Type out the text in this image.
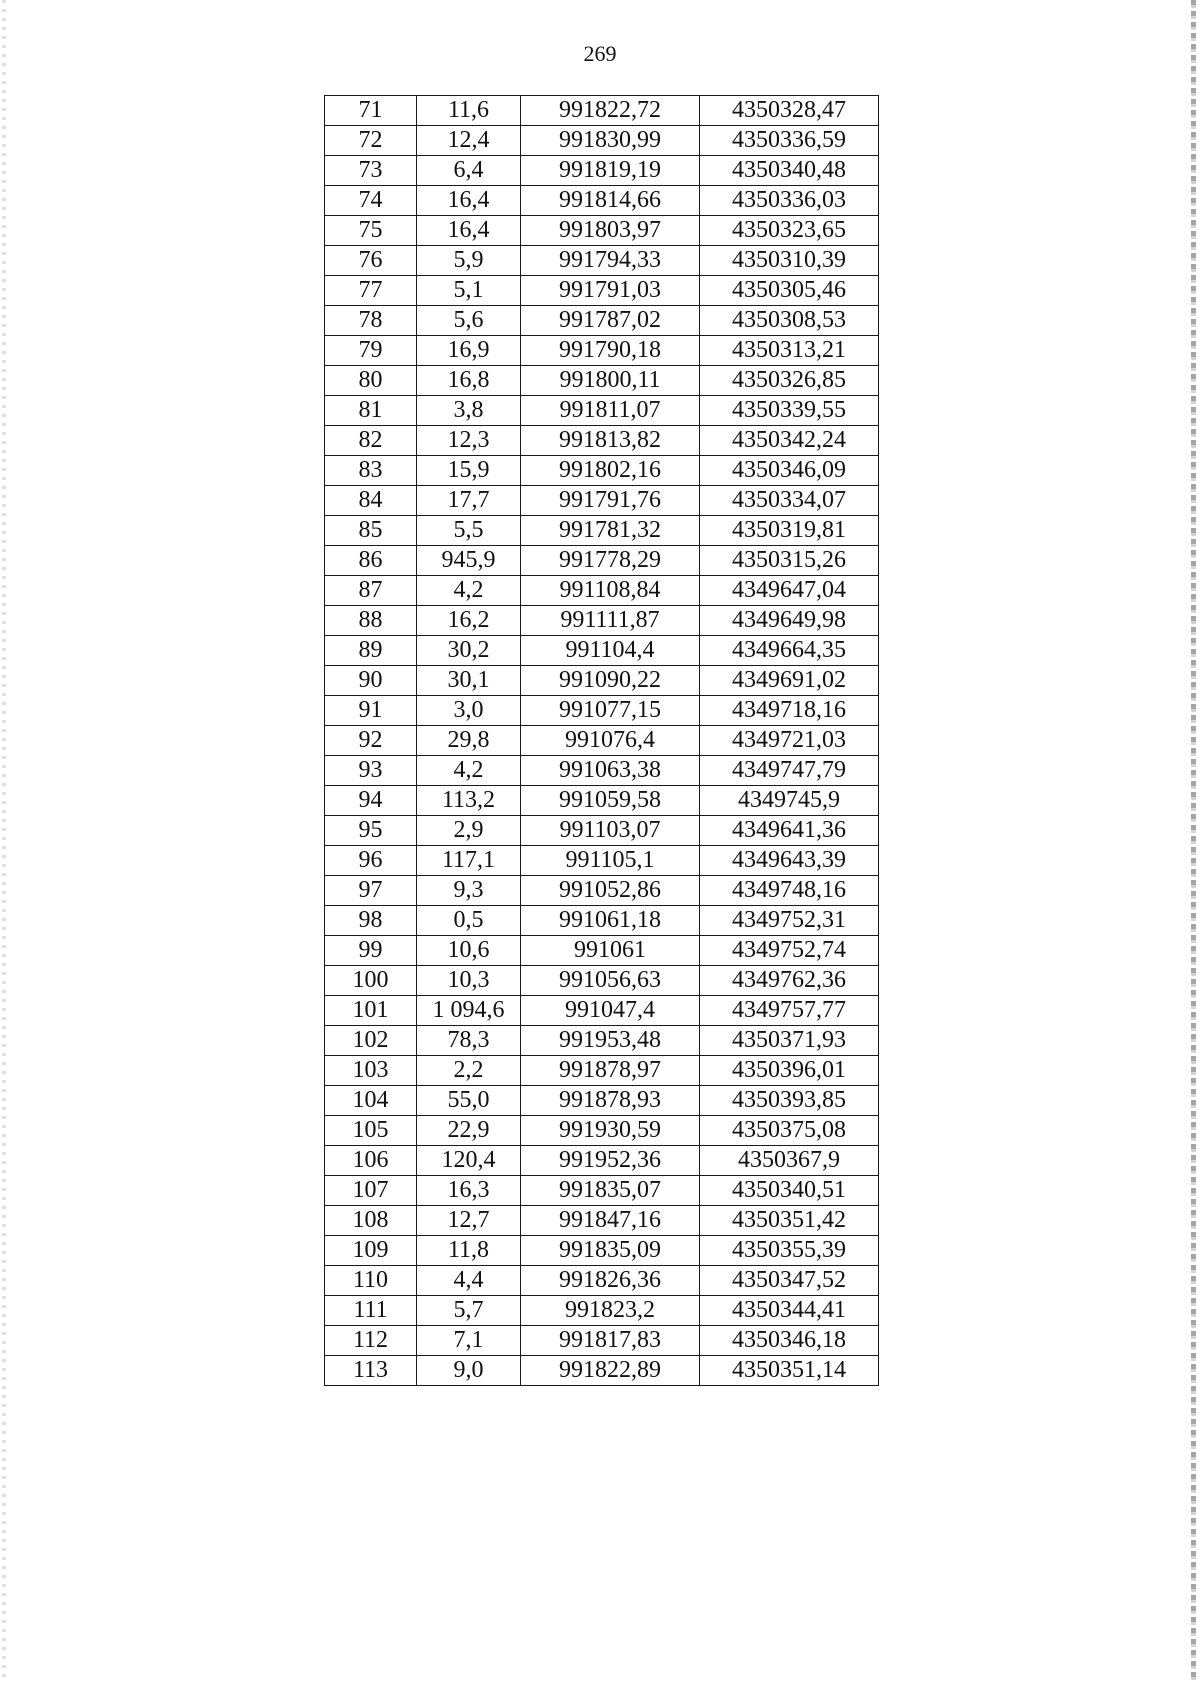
269
71	11,6	991822,72	4350328,47
72	12,4	991830,99	4350336,59
73	6,4	991819,19	4350340,48
74	16,4	991814,66	4350336,03
75	16,4	991803,97	4350323,65
76	5,9	991794,33	4350310,39
77	5,1	991791,03	4350305,46
78	5,6	991787,02	4350308,53
79	16,9	991790,18	4350313,21
80	16,8	991800,11	4350326,85
81	3,8	991811,07	4350339,55
82	12,3	991813,82	4350342,24
83	15,9	991802,16	4350346,09
84	17,7	991791,76	4350334,07
85	5,5	991781,32	4350319,81
86	945,9	991778,29	4350315,26
87	4,2	991108,84	4349647,04
88	16,2	991111,87	4349649,98
89	30,2	991104,4	4349664,35
90	30,1	991090,22	4349691,02
91	3,0	991077,15	4349718,16
92	29,8	991076,4	4349721,03
93	4,2	991063,38	4349747,79
94	113,2	991059,58	4349745,9
95	2,9	991103,07	4349641,36
96	117,1	991105,1	4349643,39
97	9,3	991052,86	4349748,16
98	0,5	991061,18	4349752,31
99	10,6	991061	4349752,74
100	10,3	991056,63	4349762,36
101	1 094,6	991047,4	4349757,77
102	78,3	991953,48	4350371,93
103	2,2	991878,97	4350396,01
104	55,0	991878,93	4350393,85
105	22,9	991930,59	4350375,08
106	120,4	991952,36	4350367,9
107	16,3	991835,07	4350340,51
108	12,7	991847,16	4350351,42
109	11,8	991835,09	4350355,39
110	4,4	991826,36	4350347,52
111	5,7	991823,2	4350344,41
112	7,1	991817,83	4350346,18
113	9,0	991822,89	4350351,14
